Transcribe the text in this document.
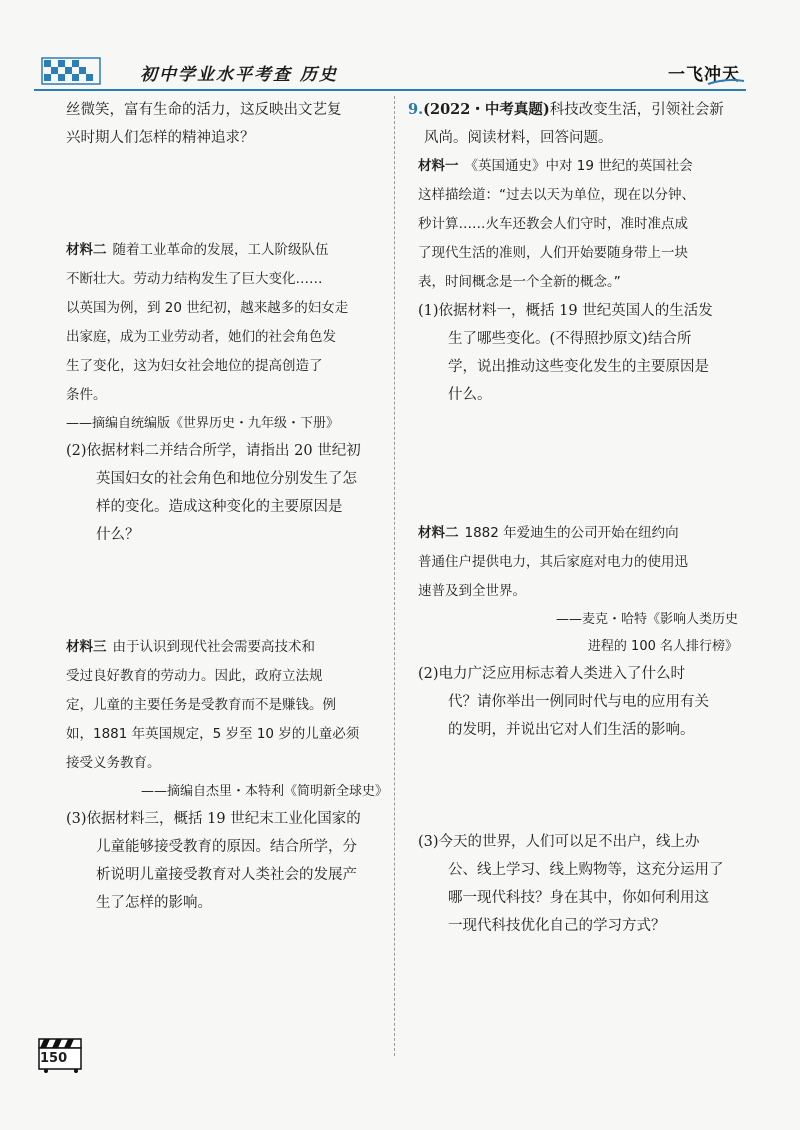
初中学业水平考查 历史	一飞冲天

丝微笑，富有生命的活力，这反映出文艺复

兴时期人们怎样的精神追求？

材料二 随着工业革命的发展，工人阶级队伍

不断壮大。劳动力结构发生了巨大变化……

以英国为例，到 20 世纪初，越来越多的妇女走

出家庭，成为工业劳动者，她们的社会角色发

生了变化，这为妇女社会地位的提高创造了

条件。

——摘编自统编版《世界历史・九年级・下册》

(2)依据材料二并结合所学，请指出 20 世纪初

英国妇女的社会角色和地位分别发生了怎

样的变化。造成这种变化的主要原因是

什么？

材料三 由于认识到现代社会需要高技术和

受过良好教育的劳动力。因此，政府立法规

定，儿童的主要任务是受教育而不是赚钱。例

如，1881 年英国规定，5 岁至 10 岁的儿童必须

接受义务教育。

——摘编自杰里・本特利《简明新全球史》

(3)依据材料三，概括 19 世纪末工业化国家的

儿童能够接受教育的原因。结合所学，分

析说明儿童接受教育对人类社会的发展产

生了怎样的影响。

9.(2022・中考真题)科技改变生活，引领社会新

风尚。阅读材料，回答问题。

材料一 《英国通史》中对 19 世纪的英国社会

这样描绘道：“过去以天为单位，现在以分钟、

秒计算……火车还教会人们守时，准时准点成

了现代生活的准则，人们开始要随身带上一块

表，时间概念是一个全新的概念。”

(1)依据材料一，概括 19 世纪英国人的生活发

生了哪些变化。(不得照抄原文)结合所

学，说出推动这些变化发生的主要原因是

什么。

材料二 1882 年爱迪生的公司开始在纽约向

普通住户提供电力，其后家庭对电力的使用迅

速普及到全世界。

——麦克・哈特《影响人类历史

进程的 100 名人排行榜》

(2)电力广泛应用标志着人类进入了什么时

代？请你举出一例同时代与电的应用有关

的发明，并说出它对人们生活的影响。

(3)今天的世界，人们可以足不出户，线上办

公、线上学习、线上购物等，这充分运用了

哪一现代科技？身在其中，你如何利用这

一现代科技优化自己的学习方式？

150
